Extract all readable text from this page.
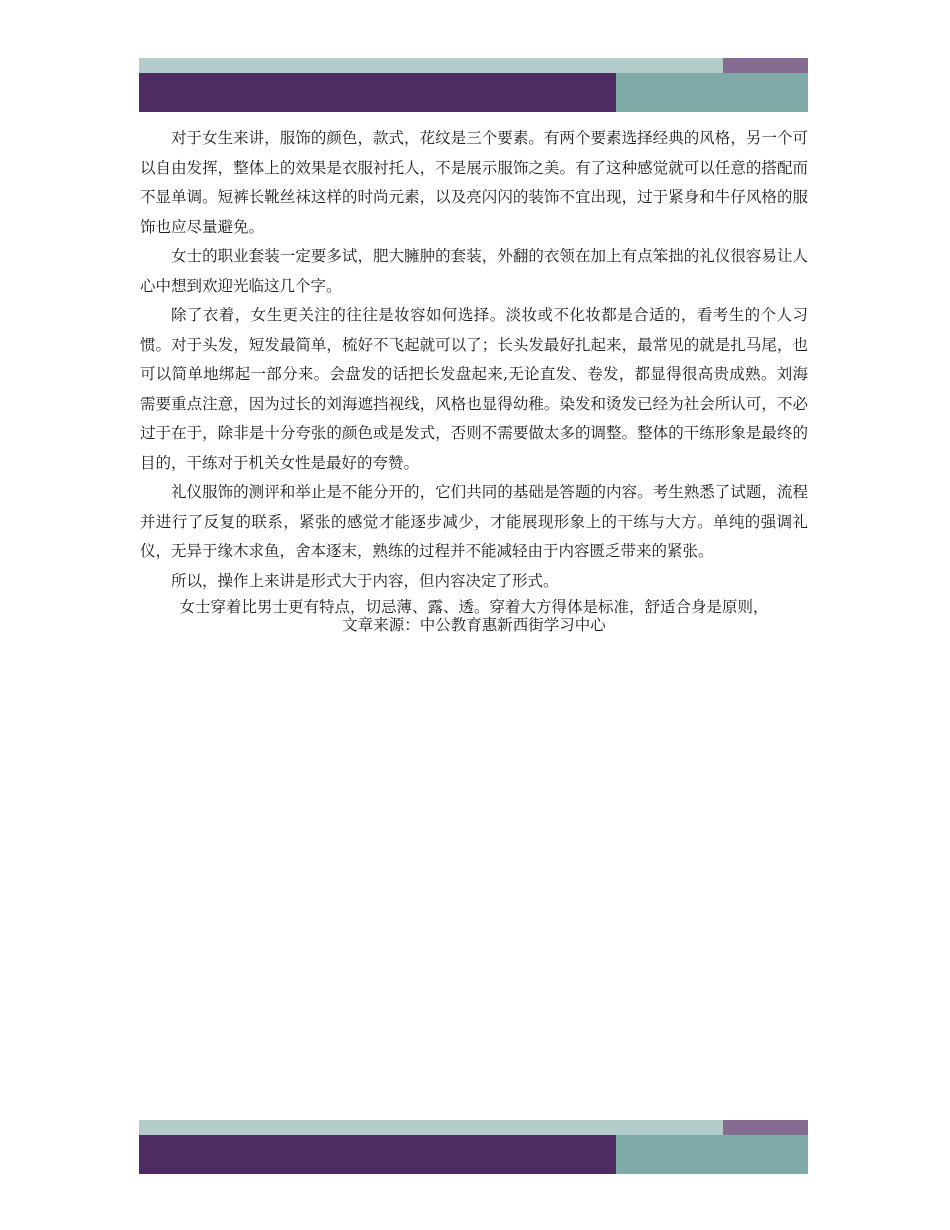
对于女生来讲，服饰的颜色，款式，花纹是三个要素。有两个要素选择经典的风格，另一个可以自由发挥，整体上的效果是衣服衬托人，不是展示服饰之美。有了这种感觉就可以任意的搭配而不显单调。短裤长靴丝袜这样的时尚元素，以及亮闪闪的装饰不宜出现，过于紧身和牛仔风格的服饰也应尽量避免。

女士的职业套装一定要多试，肥大臃肿的套装，外翻的衣领在加上有点笨拙的礼仪很容易让人心中想到欢迎光临这几个字。

除了衣着，女生更关注的往往是妆容如何选择。淡妆或不化妆都是合适的，看考生的个人习惯。对于头发，短发最简单，梳好不飞起就可以了；长头发最好扎起来，最常见的就是扎马尾，也可以简单地绑起一部分来。会盘发的话把长发盘起来,无论直发、卷发，都显得很高贵成熟。刘海需要重点注意，因为过长的刘海遮挡视线，风格也显得幼稚。染发和烫发已经为社会所认可，不必过于在于，除非是十分夸张的颜色或是发式，否则不需要做太多的调整。整体的干练形象是最终的目的，干练对于机关女性是最好的夸赞。

礼仪服饰的测评和举止是不能分开的，它们共同的基础是答题的内容。考生熟悉了试题，流程并进行了反复的联系，紧张的感觉才能逐步减少，才能展现形象上的干练与大方。单纯的强调礼仪，无异于缘木求鱼，舍本逐末，熟练的过程并不能减轻由于内容匮乏带来的紧张。

所以，操作上来讲是形式大于内容，但内容决定了形式。

女士穿着比男士更有特点，切忌薄、露、透。穿着大方得体是标准，舒适合身是原则，
文章来源：中公教育惠新西街学习中心
